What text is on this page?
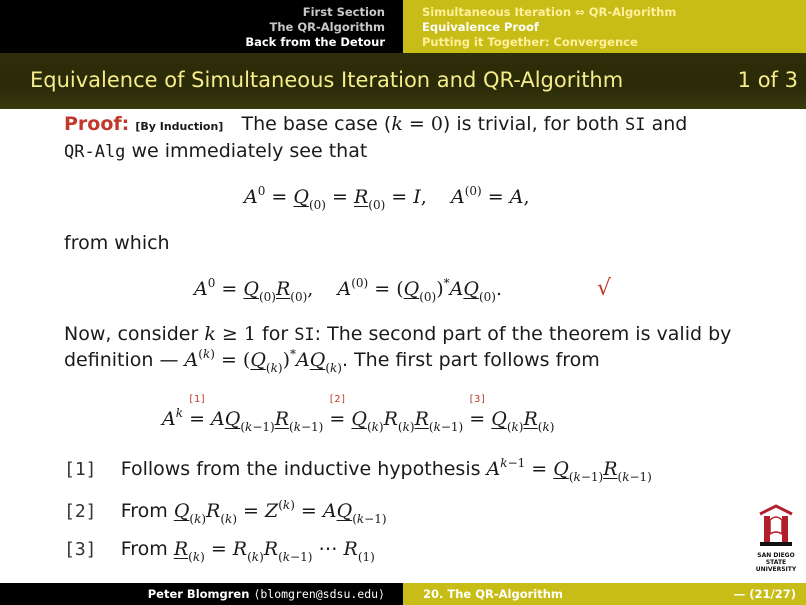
First Section
The QR-Algorithm
Back from the Detour
Simultaneous Iteration ⇔ QR-Algorithm
Equivalence Proof
Putting it Together: Convergence
Equivalence of Simultaneous Iteration and QR-Algorithm	1 of 3
Proof: [By Induction] The base case (k = 0) is trivial, for both SI and
QR-Alg we immediately see that
$A^0 = Q_{(0)} = R_{(0)} = I$,    $A^{(0)} = A$,
from which
$A^0 = Q_{(0)}R_{(0)}$,    $A^{(0)} = (Q_{(0)})^*AQ_{(0)}$.	√
Now, consider k ≥ 1 for SI: The second part of the theorem is valid by
definition — $A^{(k)} = (Q_{(k)})^*AQ_{(k)}$. The first part follows from
$A^k$
[1]
= $AQ_{(k-1)}R_{(k-1)}$
[2]
= $Q_{(k)}R_{(k)}R_{(k-1)}$
[3]
= $Q_{(k)}R_{(k)}$
[1] Follows from the inductive hypothesis $A^{k-1} = Q_{(k-1)}R_{(k-1)}$
[2] From $Q_{(k)}R_{(k)} = Z^{(k)} = AQ_{(k-1)}$
[3] From $R_{(k)} = R_{(k)}R_{(k-1)}$ ⋯ $R_{(1)}$	SAN DIEGO STATE
UNIVERSITY
Peter Blomgren ⟨blomgren@sdsu.edu⟩	20. The QR-Algorithm	— (21/27)
